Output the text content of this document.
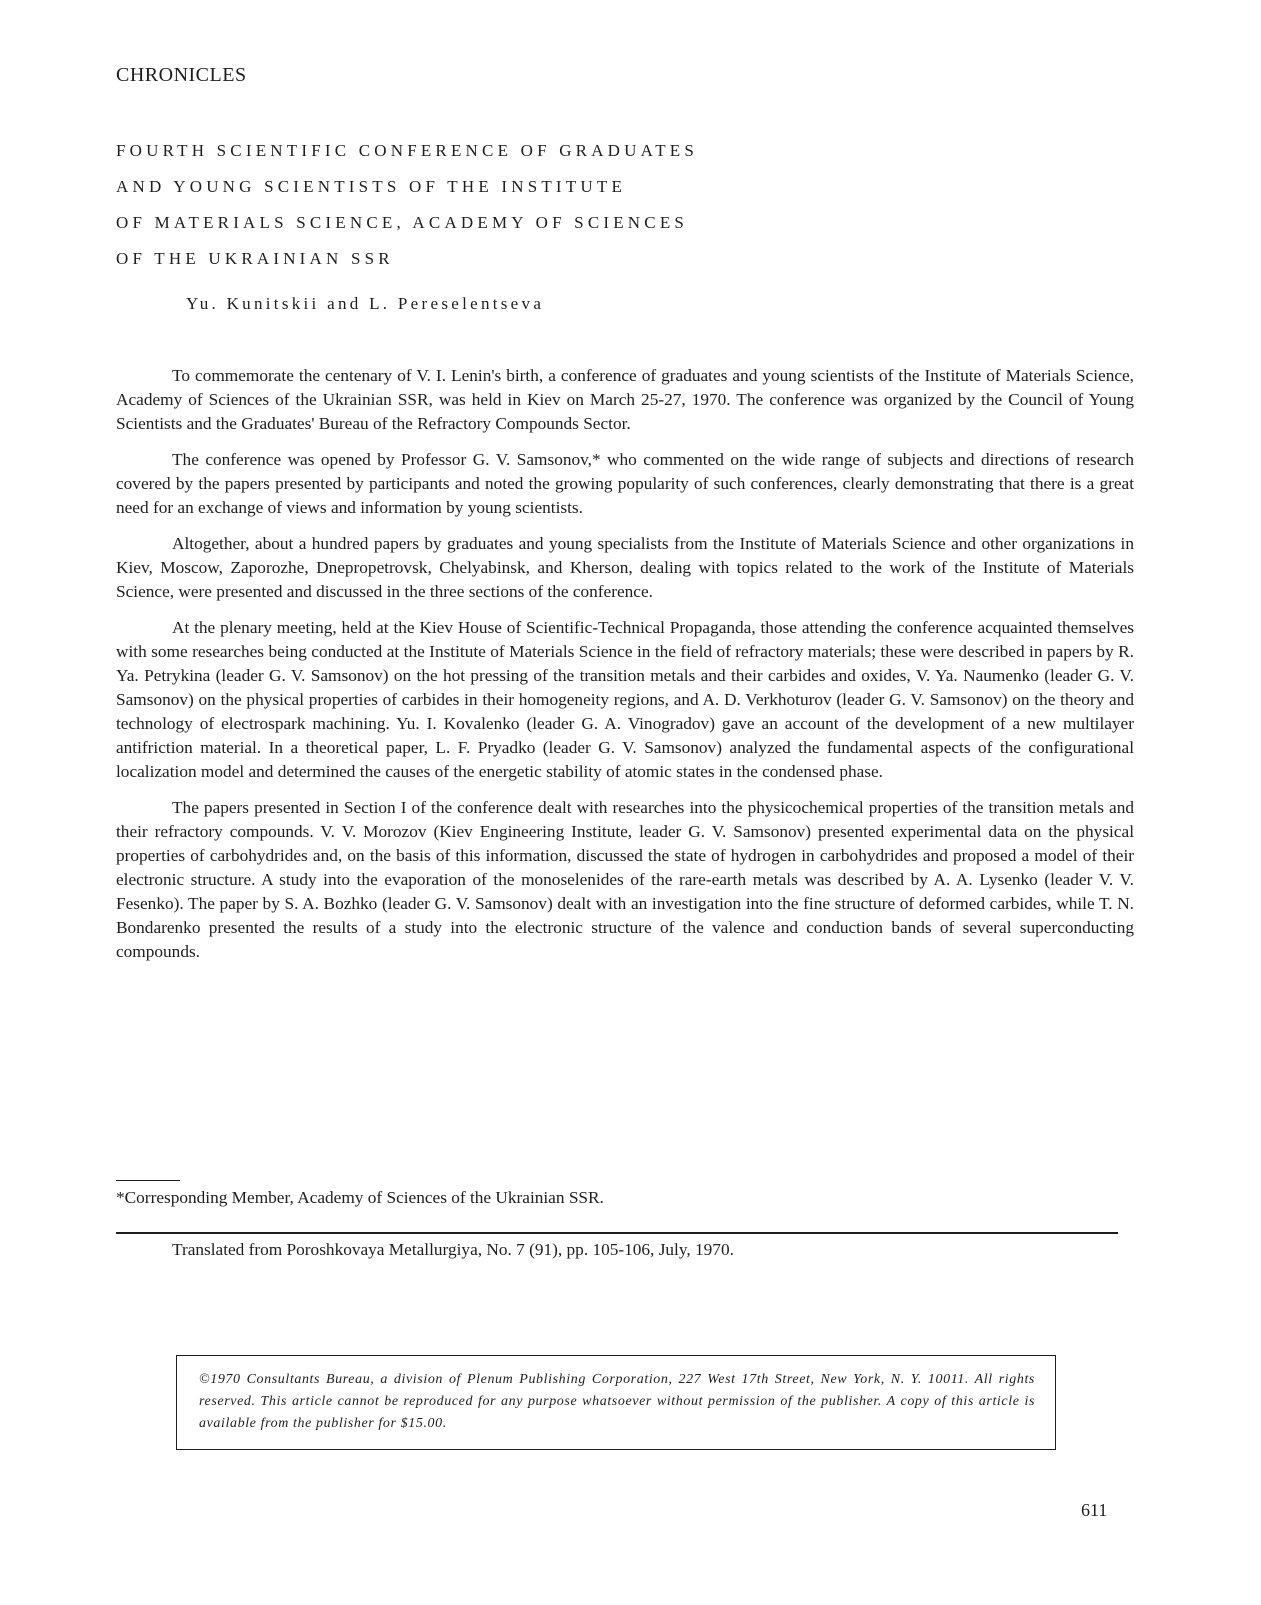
CHRONICLES
FOURTH SCIENTIFIC CONFERENCE OF GRADUATES
AND YOUNG SCIENTISTS OF THE INSTITUTE
OF MATERIALS SCIENCE, ACADEMY OF SCIENCES
OF THE UKRAINIAN SSR
Yu. Kunitskii and L. Pereselentseva

To commemorate the centenary of V. I. Lenin's birth, a conference of graduates and young scientists of the Institute of Materials Science, Academy of Sciences of the Ukrainian SSR, was held in Kiev on March 25-27, 1970. The conference was organized by the Council of Young Scientists and the Graduates' Bureau of the Refractory Compounds Sector.

The conference was opened by Professor G. V. Samsonov,* who commented on the wide range of subjects and directions of research covered by the papers presented by participants and noted the growing popularity of such conferences, clearly demonstrating that there is a great need for an exchange of views and information by young scientists.

Altogether, about a hundred papers by graduates and young specialists from the Institute of Materials Science and other organizations in Kiev, Moscow, Zaporozhe, Dnepropetrovsk, Chelyabinsk, and Kherson, dealing with topics related to the work of the Institute of Materials Science, were presented and discussed in the three sections of the conference.

At the plenary meeting, held at the Kiev House of Scientific-Technical Propaganda, those attending the conference acquainted themselves with some researches being conducted at the Institute of Materials Science in the field of refractory materials; these were described in papers by R. Ya. Petrykina (leader G. V. Samsonov) on the hot pressing of the transition metals and their carbides and oxides, V. Ya. Naumenko (leader G. V. Samsonov) on the physical properties of carbides in their homogeneity regions, and A. D. Verkhoturov (leader G. V. Samsonov) on the theory and technology of electrospark machining. Yu. I. Kovalenko (leader G. A. Vinogradov) gave an account of the development of a new multilayer antifriction material. In a theoretical paper, L. F. Pryadko (leader G. V. Samsonov) analyzed the fundamental aspects of the configurational localization model and determined the causes of the energetic stability of atomic states in the condensed phase.

The papers presented in Section I of the conference dealt with researches into the physicochemical properties of the transition metals and their refractory compounds. V. V. Morozov (Kiev Engineering Institute, leader G. V. Samsonov) presented experimental data on the physical properties of carbohydrides and, on the basis of this information, discussed the state of hydrogen in carbohydrides and proposed a model of their electronic structure. A study into the evaporation of the monoselenides of the rare-earth metals was described by A. A. Lysenko (leader V. V. Fesenko). The paper by S. A. Bozhko (leader G. V. Samsonov) dealt with an investigation into the fine structure of deformed carbides, while T. N. Bondarenko presented the results of a study into the electronic structure of the valence and conduction bands of several superconducting compounds.

*Corresponding Member, Academy of Sciences of the Ukrainian SSR.
Translated from Poroshkovaya Metallurgiya, No. 7 (91), pp. 105-106, July, 1970.
©1970 Consultants Bureau, a division of Plenum Publishing Corporation, 227 West 17th Street, New York, N. Y. 10011. All rights reserved. This article cannot be reproduced for any purpose whatsoever without permission of the publisher. A copy of this article is available from the publisher for $15.00.
611
